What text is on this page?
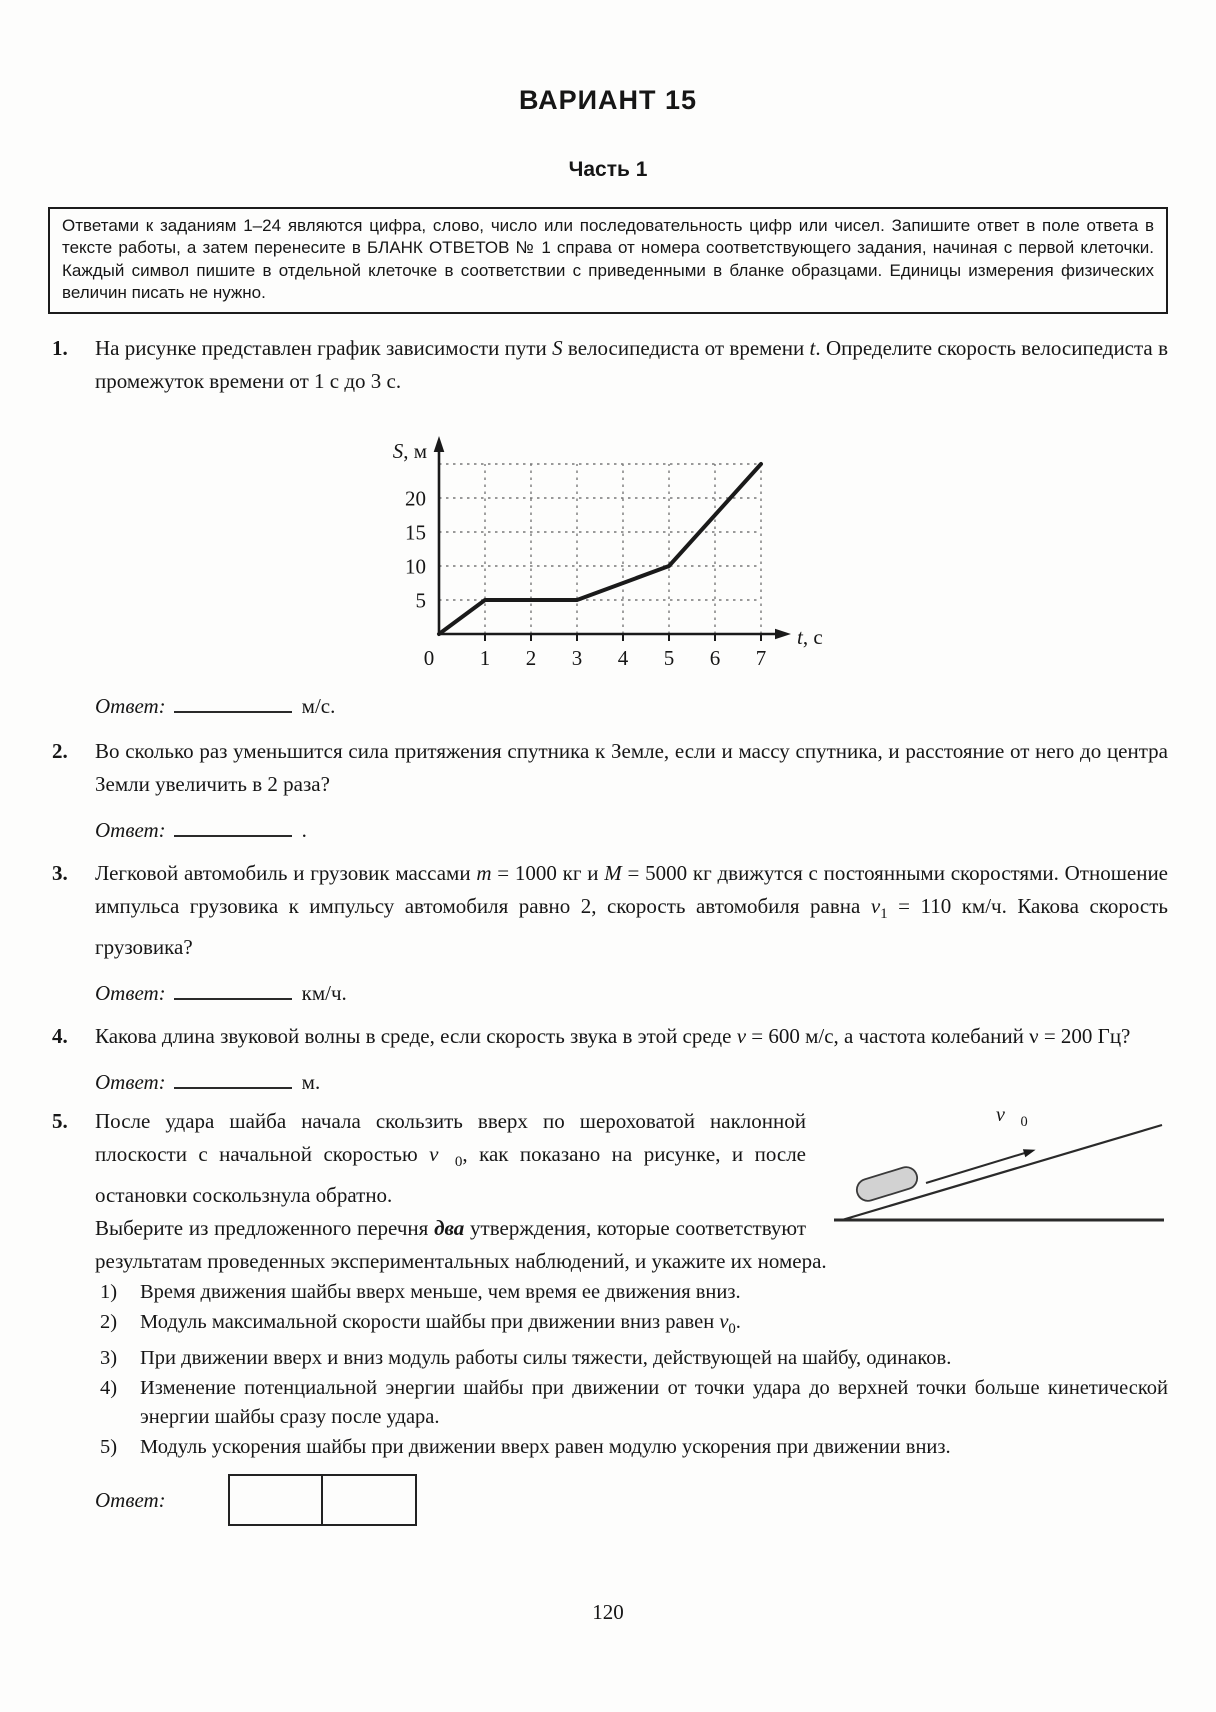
ВАРИАНТ 15
Часть 1
Ответами к заданиям 1–24 являются цифра, слово, число или последовательность цифр или чисел. Запишите ответ в поле ответа в тексте работы, а затем перенесите в БЛАНК ОТВЕТОВ № 1 справа от номера соответствующего задания, начиная с первой клеточки. Каждый символ пишите в отдельной клеточке в соответствии с приведенными в бланке образцами. Единицы измерения физических величин писать не нужно.
1.	На рисунке представлен график зависимости пути S велосипедиста от времени t. Определите скорость велосипедиста в промежуток времени от 1 с до 3 с.

0 1 2 3 4 5 6 7
5
10
15
20
S, м
t, c

Ответ:	м/с.

2.	Во сколько раз уменьшится сила притяжения спутника к Земле, если и массу спутника, и расстояние от него до центра Земли увеличить в 2 раза?

Ответ:	.

3.	Легковой автомобиль и грузовик массами m = 1000 кг и M = 5000 кг движутся с постоянными скоростями. Отношение импульса грузовика к импульсу автомобиля равно 2, скорость автомобиля равна $v_1 = 110$ км/ч. Какова скорость грузовика?

Ответ:	км/ч.

4.	Какова длина звуковой волны в среде, если скорость звука в этой среде v = 600 м/с, а частота колебаний ν = 200 Гц?

Ответ:	м.

5.	$v⃗_0$

После удара шайба начала скользить вверх по шероховатой наклонной плоскости с начальной скоростью $v⃗_0$, как показано на рисунке, и после остановки соскользнула обратно.
Выберите из предложенного перечня два утверждения, которые соответствуют результатам проведенных экспериментальных наблюдений, и укажите их номера.

1)	Время движения шайбы вверх меньше, чем время ее движения вниз.

2)	Модуль максимальной скорости шайбы при движении вниз равен $v_0$.

3)	При движении вверх и вниз модуль работы силы тяжести, действующей на шайбу, одинаков.

4)	Изменение потенциальной энергии шайбы при движении от точки удара до верхней точки больше кинетической энергии шайбы сразу после удара.

5)	Модуль ускорения шайбы при движении вверх равен модулю ускорения при движении вниз.

Ответ:
120
